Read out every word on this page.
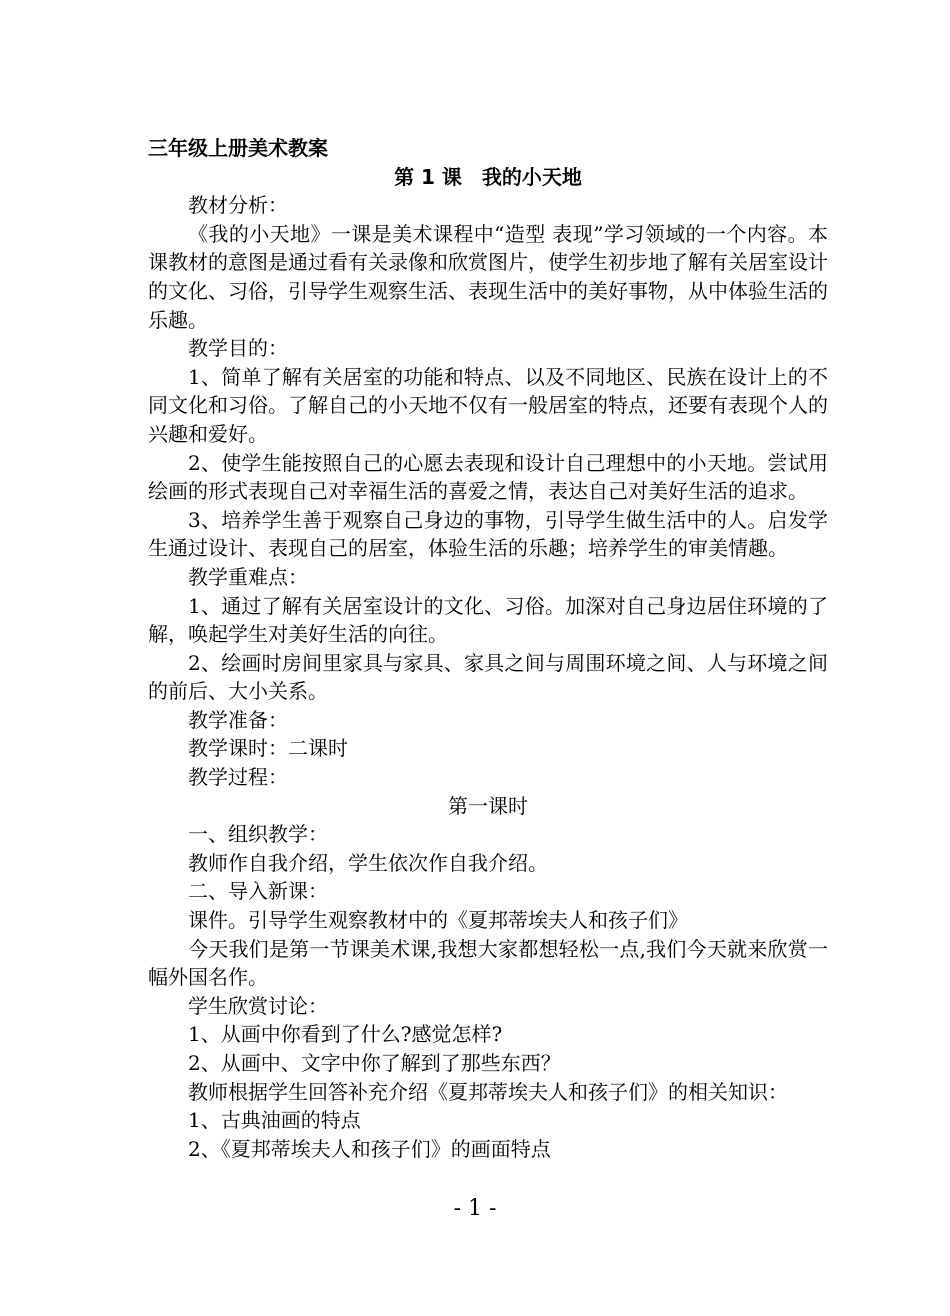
三年级上册美术教案

第 1 课　我的小天地

教材分析：

《我的小天地》一课是美术课程中“造型 表现”学习领域的一个内容。本课教材的意图是通过看有关录像和欣赏图片，使学生初步地了解有关居室设计的文化、习俗，引导学生观察生活、表现生活中的美好事物，从中体验生活的乐趣。

教学目的：

1、简单了解有关居室的功能和特点、以及不同地区、民族在设计上的不同文化和习俗。了解自己的小天地不仅有一般居室的特点，还要有表现个人的兴趣和爱好。

2、使学生能按照自己的心愿去表现和设计自己理想中的小天地。尝试用绘画的形式表现自己对幸福生活的喜爱之情，表达自己对美好生活的追求。

3、培养学生善于观察自己身边的事物，引导学生做生活中的人。启发学生通过设计、表现自己的居室，体验生活的乐趣；培养学生的审美情趣。

教学重难点：

1、通过了解有关居室设计的文化、习俗。加深对自己身边居住环境的了解，唤起学生对美好生活的向往。

2、绘画时房间里家具与家具、家具之间与周围环境之间、人与环境之间的前后、大小关系。

教学准备：

教学课时：二课时

教学过程：

第一课时

一、组织教学：

教师作自我介绍，学生依次作自我介绍。

二、导入新课：

课件。引导学生观察教材中的《夏邦蒂埃夫人和孩子们》

今天我们是第一节课美术课,我想大家都想轻松一点,我们今天就来欣赏一幅外国名作。

学生欣赏讨论：

1、从画中你看到了什么?感觉怎样?

2、从画中、文字中你了解到了那些东西？

教师根据学生回答补充介绍《夏邦蒂埃夫人和孩子们》的相关知识：

1、古典油画的特点

2、《夏邦蒂埃夫人和孩子们》的画面特点

- 1 -
